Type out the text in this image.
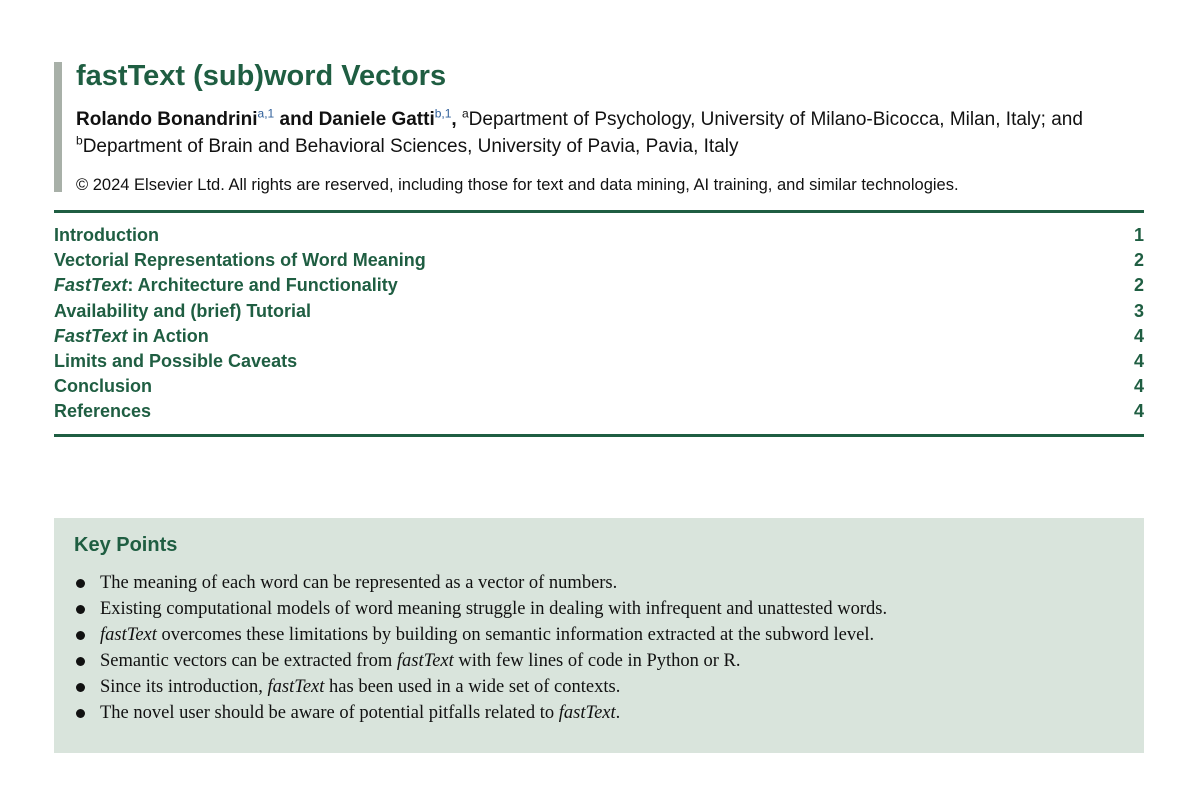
fastText (sub)word Vectors
Rolando Bonandrini$^{a,1}$ and Daniele Gatti$^{b,1}$, $^a$Department of Psychology, University of Milano-Bicocca, Milan, Italy; and
$^b$Department of Brain and Behavioral Sciences, University of Pavia, Pavia, Italy
© 2024 Elsevier Ltd. All rights are reserved, including those for text and data mining, AI training, and similar technologies.
Introduction	1
Vectorial Representations of Word Meaning	2
FastText: Architecture and Functionality	2
Availability and (brief) Tutorial	3
FastText in Action	4
Limits and Possible Caveats	4
Conclusion	4
References	4
Key Points
The meaning of each word can be represented as a vector of numbers.
Existing computational models of word meaning struggle in dealing with infrequent and unattested words.
fastText overcomes these limitations by building on semantic information extracted at the subword level.
Semantic vectors can be extracted from fastText with few lines of code in Python or R.
Since its introduction, fastText has been used in a wide set of contexts.
The novel user should be aware of potential pitfalls related to fastText.
